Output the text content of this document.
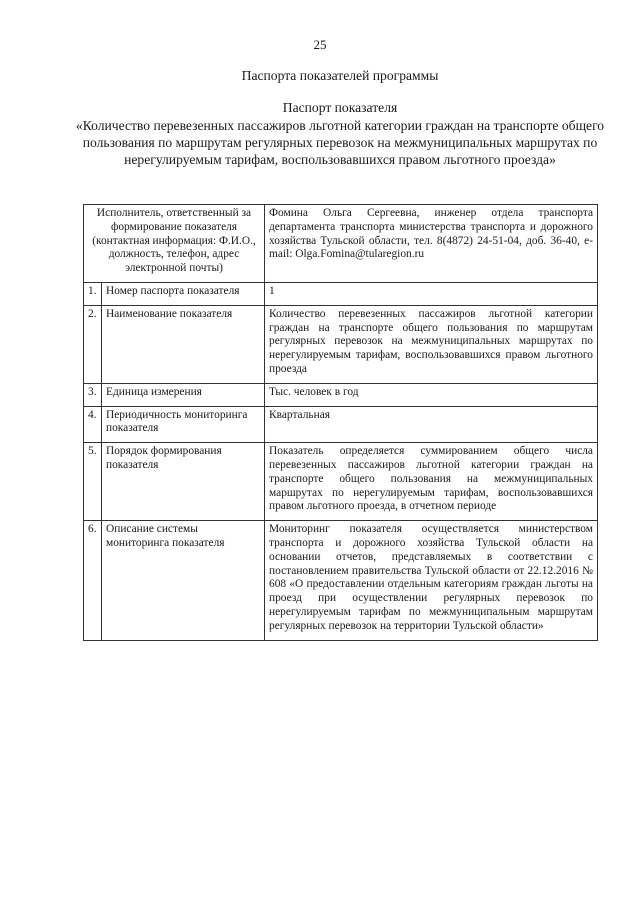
25
Паспорта показателей программы
Паспорт показателя
«Количество перевезенных пассажиров льготной категории граждан на транспорте общего пользования по маршрутам регулярных перевозок на межмуниципальных маршрутах по нерегулируемым тарифам, воспользовавшихся правом льготного проезда»
Исполнитель, ответственный за формирование показателя (контактная информация: Ф.И.О., должность, телефон, адрес электронной почты)		Фомина Ольга Сергеевна, инженер отдела транспорта департамента транспорта министерства транспорта и дорожного хозяйства Тульской области, тел. 8(4872) 24-51-04, доб. 36-40, e-mail: Olga.Fomina@tularegion.ru
1.	Номер паспорта показателя	1
2.	Наименование показателя	Количество перевезенных пассажиров льготной категории граждан на транспорте общего пользования по маршрутам регулярных перевозок на межмуниципальных маршрутах по нерегулируемым тарифам, воспользовавшихся правом льготного проезда
3.	Единица измерения	Тыс. человек в год
4.	Периодичность мониторинга показателя	Квартальная
5.	Порядок формирования показателя	Показатель определяется суммированием общего числа перевезенных пассажиров льготной категории граждан на транспорте общего пользования на межмуниципальных маршрутах по нерегулируемым тарифам, воспользовавшихся правом льготного проезда, в отчетном периоде
6.	Описание системы мониторинга показателя	Мониторинг показателя осуществляется министерством транспорта и дорожного хозяйства Тульской области на основании отчетов, представляемых в соответствии с постановлением правительства Тульской области от 22.12.2016 № 608 «О предоставлении отдельным категориям граждан льготы на проезд при осуществлении регулярных перевозок по нерегулируемым тарифам по межмуниципальным маршрутам регулярных перевозок на территории Тульской области»
